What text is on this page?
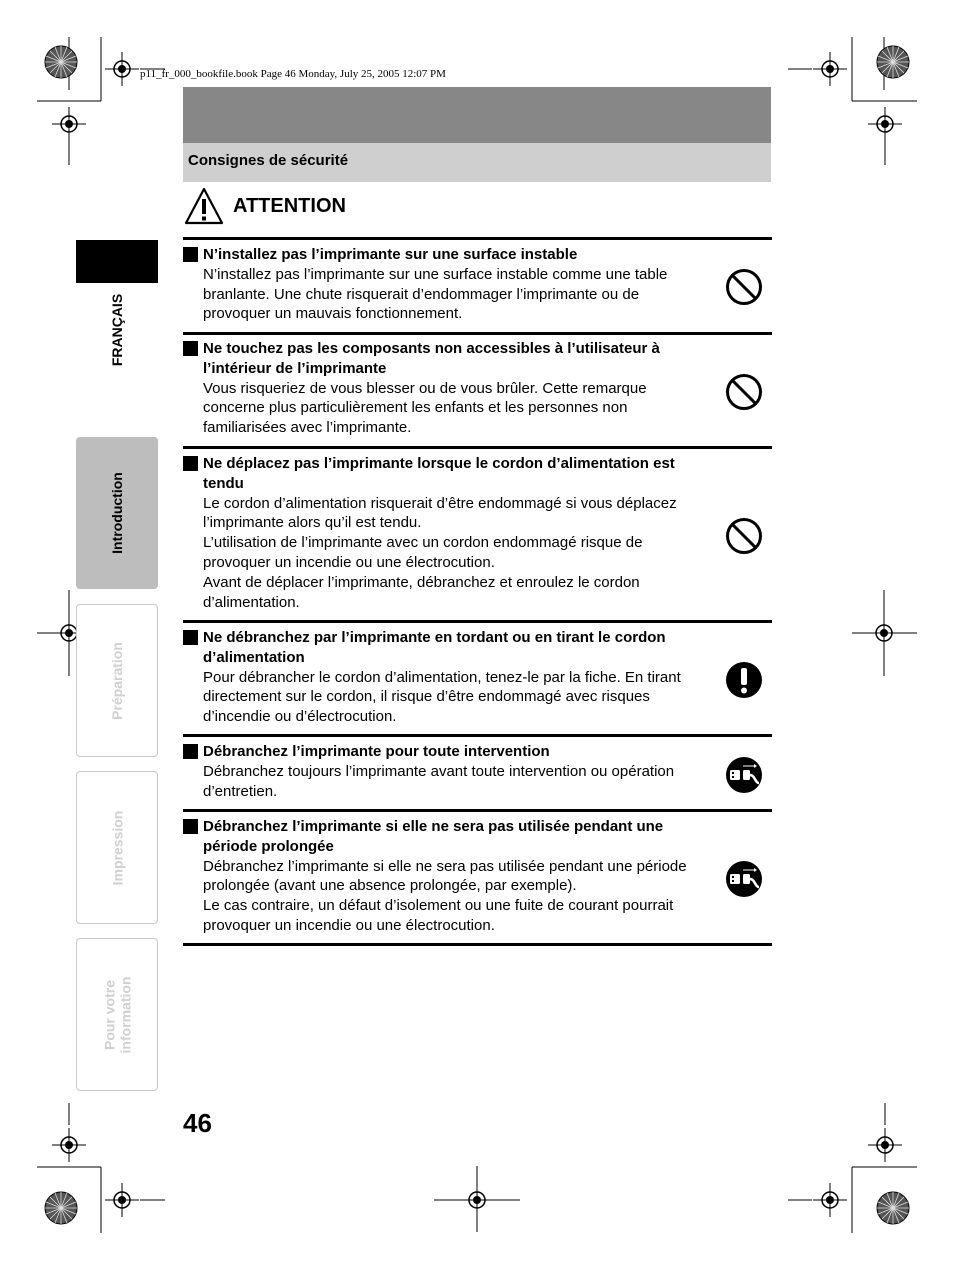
p11_fr_000_bookfile.book Page 46 Monday, July 25, 2005 12:07 PM
Consignes de sécurité
ATTENTION
FRANÇAIS
Introduction
Préparation
Impression
Pour votre
information
N’installez pas l’imprimante sur une surface instable
N’installez pas l’imprimante sur une surface instable comme une table branlante. Une chute risquerait d’endommager l’imprimante ou de provoquer un mauvais fonctionnement.
Ne touchez pas les composants non accessibles à l’utilisateur à l’intérieur de l’imprimante
Vous risqueriez de vous blesser ou de vous brûler. Cette remarque concerne plus particulièrement les enfants et les personnes non familiarisées avec l’imprimante.
Ne déplacez pas l’imprimante lorsque le cordon d’alimentation est tendu
Le cordon d’alimentation risquerait d’être endommagé si vous déplacez l’imprimante alors qu’il est tendu.
L’utilisation de l’imprimante avec un cordon endommagé risque de provoquer un incendie ou une électrocution.
Avant de déplacer l’imprimante, débranchez et enroulez le cordon d’alimentation.
Ne débranchez par l’imprimante en tordant ou en tirant le cordon d’alimentation
Pour débrancher le cordon d’alimentation, tenez-le par la fiche. En tirant directement sur le cordon, il risque d’être endommagé avec risques d’incendie ou d’électrocution.
Débranchez l’imprimante pour toute intervention
Débranchez toujours l’imprimante avant toute intervention ou opération d’entretien.
Débranchez l’imprimante si elle ne sera pas utilisée pendant une période prolongée
Débranchez l’imprimante si elle ne sera pas utilisée pendant une période prolongée (avant une absence prolongée, par exemple).
Le cas contraire, un défaut d’isolement ou une fuite de courant pourrait provoquer un incendie ou une électrocution.
46
